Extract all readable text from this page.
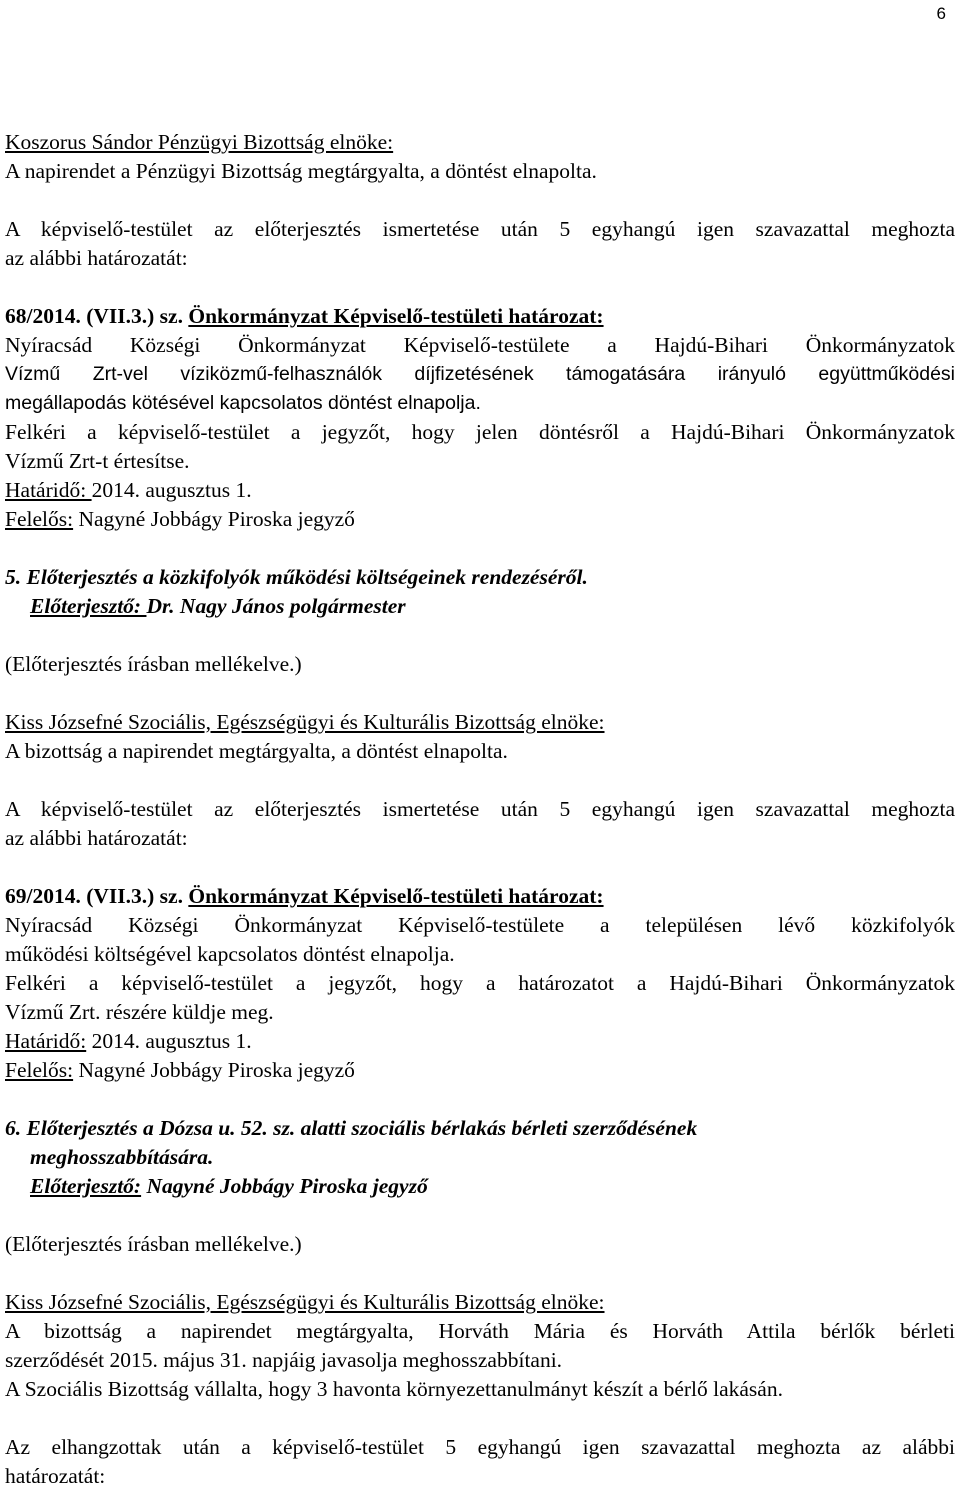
6

Koszorus Sándor Pénzügyi Bizottság elnöke:

A napirendet a Pénzügyi Bizottság megtárgyalta, a döntést elnapolta.

A képviselő-testület az előterjesztés ismertetése után 5 egyhangú igen szavazattal meghozta

az alábbi határozatát:

68/2014. (VII.3.) sz. Önkormányzat Képviselő-testületi határozat:

Nyíracsád Községi Önkormányzat Képviselő-testülete a Hajdú-Bihari Önkormányzatok

Vízmű Zrt-vel víziközmű-felhasználók díjfizetésének támogatására irányuló együttműködési

megállapodás kötésével kapcsolatos döntést elnapolja.

Felkéri a képviselő-testület a jegyzőt, hogy jelen döntésről a Hajdú-Bihari Önkormányzatok

Vízmű Zrt-t értesítse.

Határidő: 2014. augusztus 1.

Felelős: Nagyné Jobbágy Piroska jegyző

5. Előterjesztés a közkifolyók működési költségeinek rendezéséről.

Előterjesztő: Dr. Nagy János polgármester

(Előterjesztés írásban mellékelve.)

Kiss Józsefné Szociális, Egészségügyi és Kulturális Bizottság elnöke:

A bizottság a napirendet megtárgyalta, a döntést elnapolta.

A képviselő-testület az előterjesztés ismertetése után 5 egyhangú igen szavazattal meghozta

az alábbi határozatát:

69/2014. (VII.3.) sz. Önkormányzat Képviselő-testületi határozat:

Nyíracsád Községi Önkormányzat Képviselő-testülete a településen lévő közkifolyók

működési költségével kapcsolatos döntést elnapolja.

Felkéri a képviselő-testület a jegyzőt, hogy a határozatot a Hajdú-Bihari Önkormányzatok

Vízmű Zrt. részére küldje meg.

Határidő: 2014. augusztus 1.

Felelős: Nagyné Jobbágy Piroska jegyző

6. Előterjesztés a Dózsa u. 52. sz. alatti szociális bérlakás bérleti szerződésének

meghosszabbítására.

Előterjesztő: Nagyné Jobbágy Piroska jegyző

(Előterjesztés írásban mellékelve.)

Kiss Józsefné Szociális, Egészségügyi és Kulturális Bizottság elnöke:

A bizottság a napirendet megtárgyalta, Horváth Mária és Horváth Attila bérlők bérleti

szerződését 2015. május 31. napjáig javasolja meghosszabbítani.

A Szociális Bizottság vállalta, hogy 3 havonta környezettanulmányt készít a bérlő lakásán.

Az elhangzottak után a képviselő-testület 5 egyhangú igen szavazattal meghozta az alábbi

határozatát:
